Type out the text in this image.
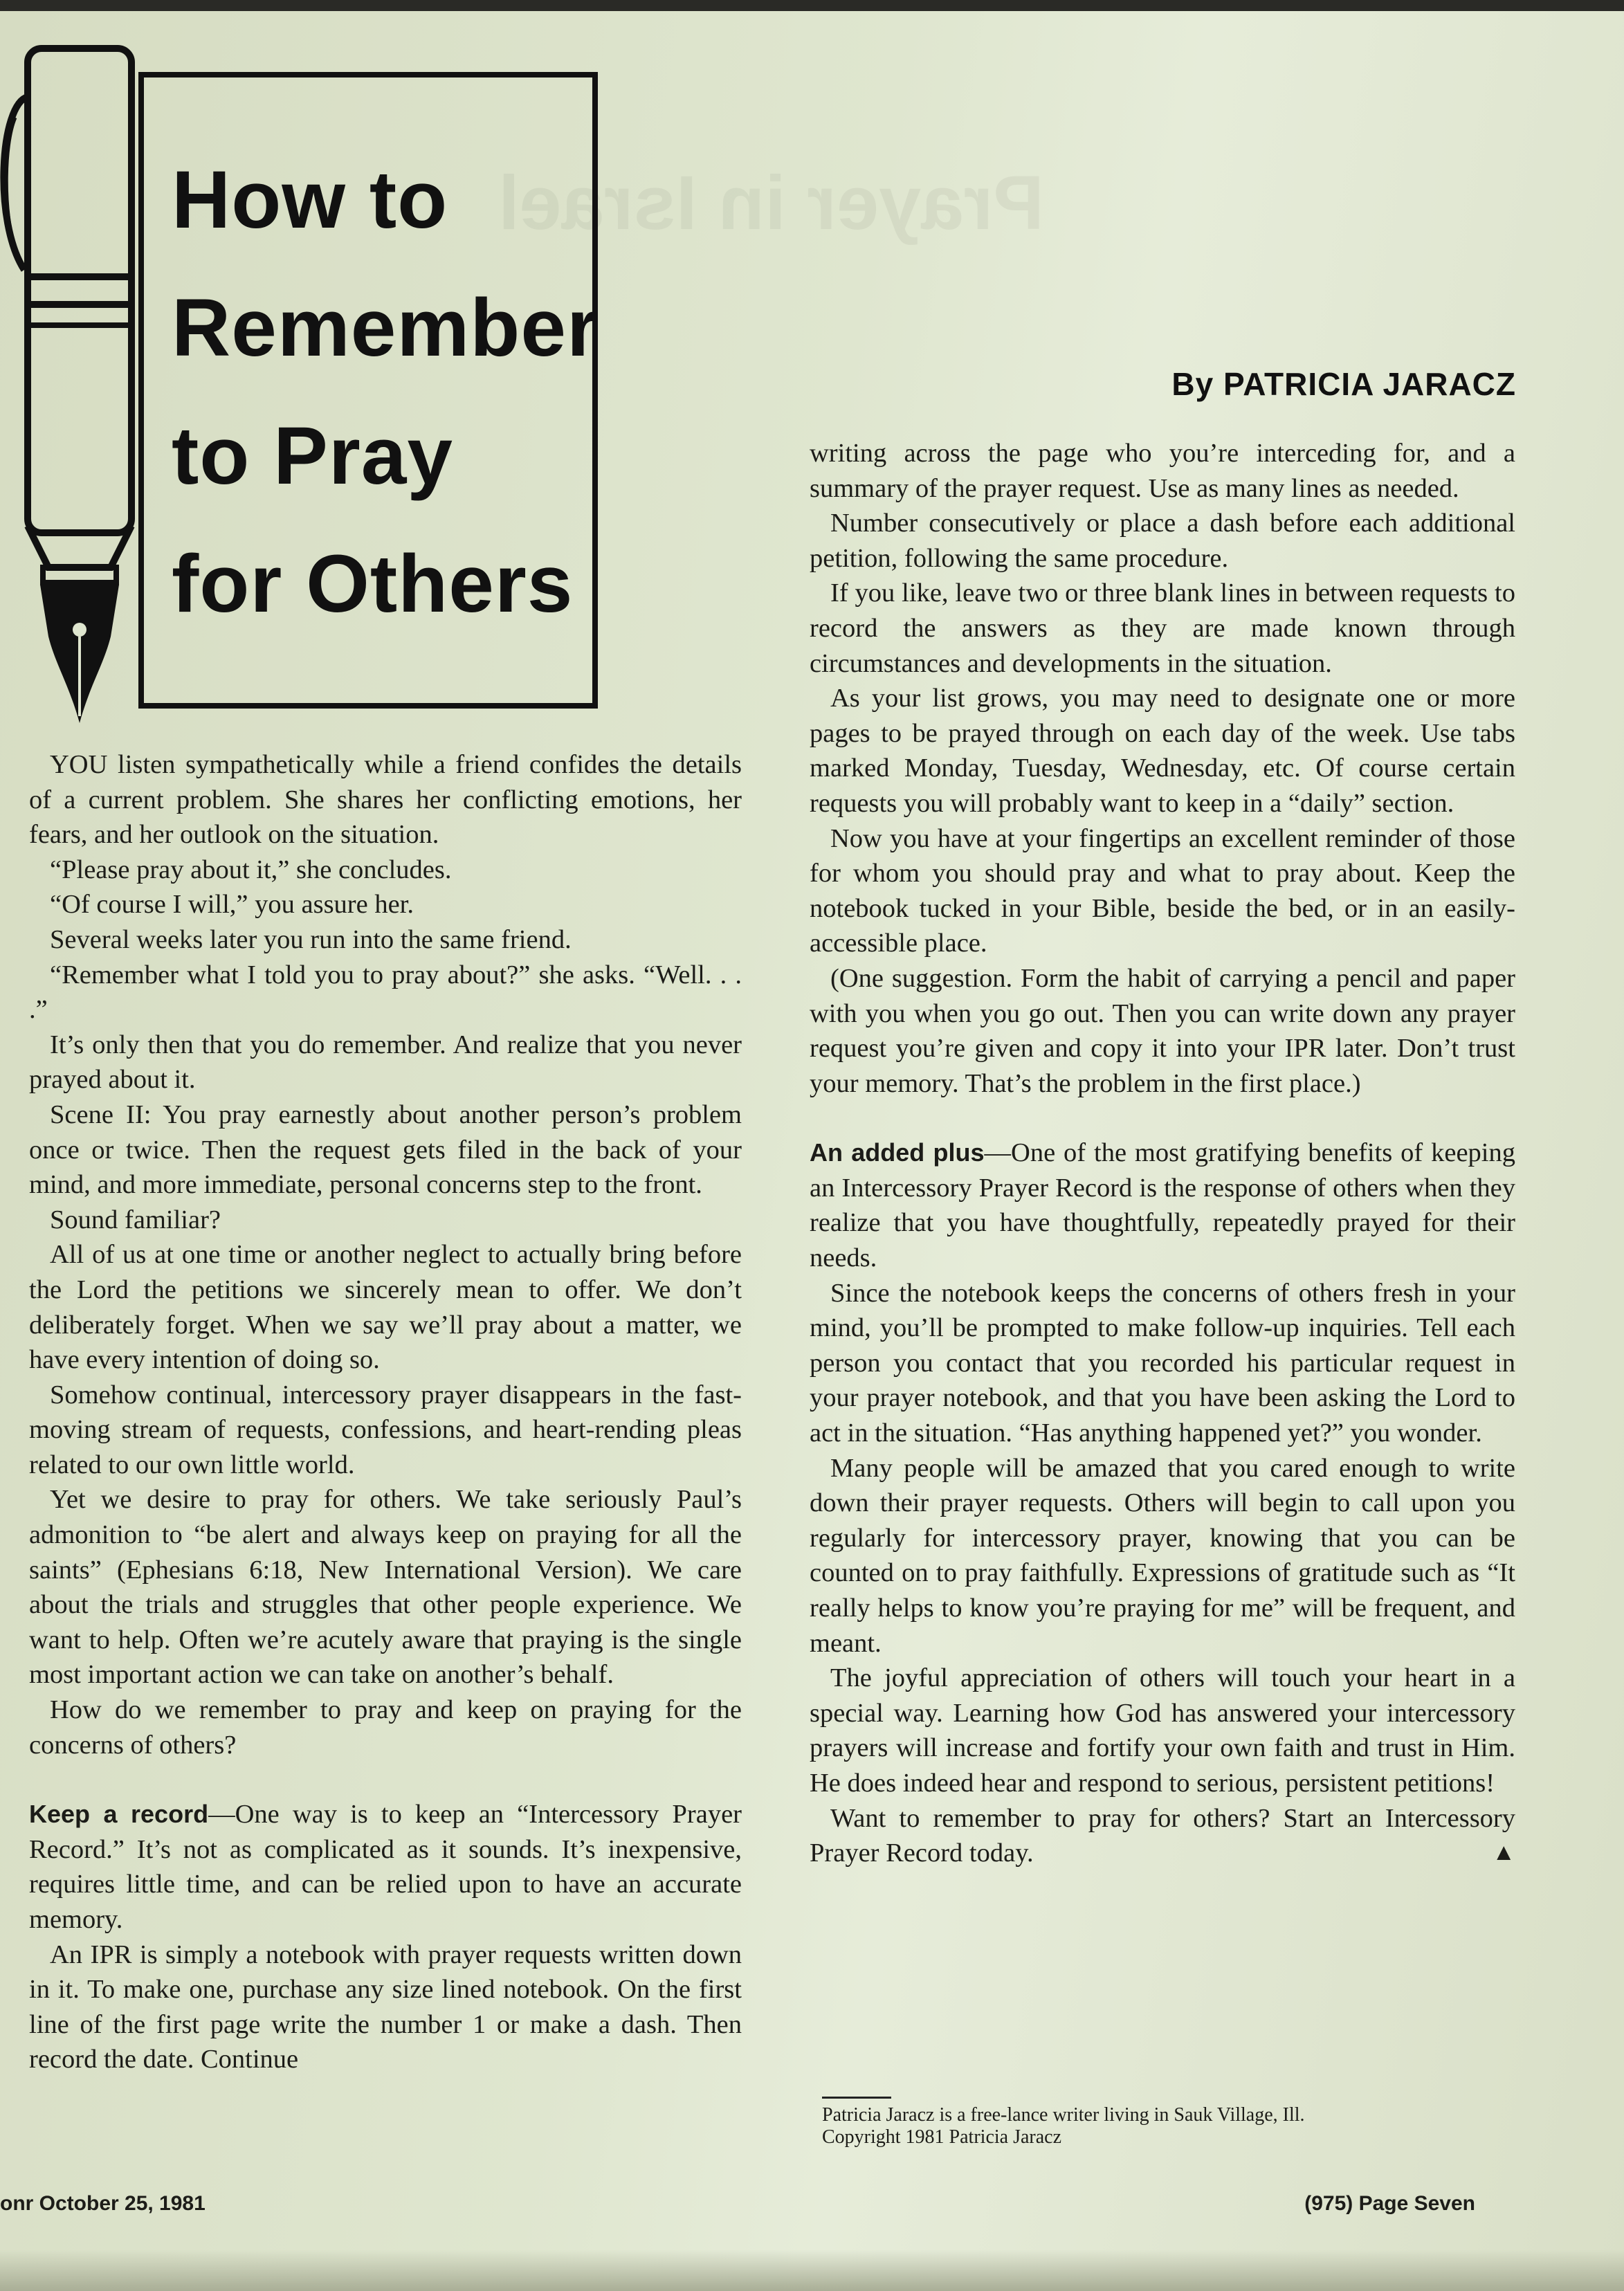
Prayer in Israel
How to
Remember
to Pray
for Others
By PATRICIA JARACZ

YOU listen sympathetically while a friend confides the details of a current problem. She shares her conflicting emotions, her fears, and her outlook on the situation.

“Please pray about it,” she concludes.

“Of course I will,” you assure her.

Several weeks later you run into the same friend.

“Remember what I told you to pray about?” she asks. “Well. . . .”

It’s only then that you do remember. And realize that you never prayed about it.

Scene II: You pray earnestly about another person’s problem once or twice. Then the request gets filed in the back of your mind, and more immediate, personal concerns step to the front.

Sound familiar?

All of us at one time or another neglect to actually bring before the Lord the petitions we sincerely mean to offer. We don’t deliberately forget. When we say we’ll pray about a matter, we have every intention of doing so.

Somehow continual, intercessory prayer disappears in the fast-moving stream of requests, confessions, and heart-rending pleas related to our own little world.

Yet we desire to pray for others. We take seriously Paul’s admonition to “be alert and always keep on praying for all the saints” (Ephesians 6:18, New International Version). We care about the trials and struggles that other people experience. We want to help. Often we’re acutely aware that praying is the single most important action we can take on another’s behalf.

How do we remember to pray and keep on praying for the concerns of others?

Keep a record—One way is to keep an “Intercessory Prayer Record.” It’s not as complicated as it sounds. It’s inexpensive, requires little time, and can be relied upon to have an accurate memory.

An IPR is simply a notebook with prayer requests written down in it. To make one, purchase any size lined notebook. On the first line of the first page write the number 1 or make a dash. Then record the date. Continue

writing across the page who you’re interceding for, and a summary of the prayer request. Use as many lines as needed.

Number consecutively or place a dash before each additional petition, following the same procedure.

If you like, leave two or three blank lines in between requests to record the answers as they are made known through circumstances and developments in the situation.

As your list grows, you may need to designate one or more pages to be prayed through on each day of the week. Use tabs marked Monday, Tuesday, Wednesday, etc. Of course certain requests you will probably want to keep in a “daily” section.

Now you have at your fingertips an excellent reminder of those for whom you should pray and what to pray about. Keep the notebook tucked in your Bible, beside the bed, or in an easily-accessible place.

(One suggestion. Form the habit of carrying a pencil and paper with you when you go out. Then you can write down any prayer request you’re given and copy it into your IPR later. Don’t trust your memory. That’s the problem in the first place.)

An added plus—One of the most gratifying benefits of keeping an Intercessory Prayer Record is the response of others when they realize that you have thoughtfully, repeatedly prayed for their needs.

Since the notebook keeps the concerns of others fresh in your mind, you’ll be prompted to make follow-up inquiries. Tell each person you contact that you recorded his particular request in your prayer notebook, and that you have been asking the Lord to act in the situation. “Has anything happened yet?” you wonder.

Many people will be amazed that you cared enough to write down their prayer requests. Others will begin to call upon you regularly for intercessory prayer, knowing that you can be counted on to pray faithfully. Expressions of gratitude such as “It really helps to know you’re praying for me” will be frequent, and meant.

The joyful appreciation of others will touch your heart in a special way. Learning how God has answered your intercessory prayers will increase and fortify your own faith and trust in Him. He does indeed hear and respond to serious, persistent petitions!

Want to remember to pray for others? Start an Intercessory Prayer Record today.	▲

Patricia Jaracz is a free-lance writer living in Sauk Village, Ill.
Copyright 1981 Patricia Jaracz
onr October 25, 1981	(975) Page Seven
